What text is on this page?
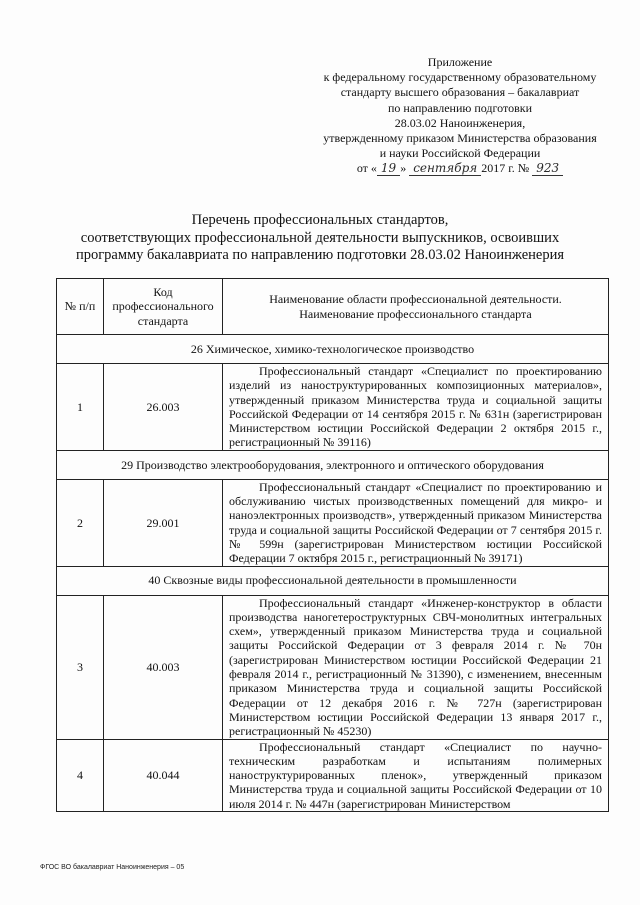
Приложение
к федеральному государственному образовательному
стандарту высшего образования – бакалавриат
по направлению подготовки
28.03.02 Наноинженерия,
утвержденному приказом Министерства образования
и науки Российской Федерации
от « 19 » сентября 2017 г. № 923
Перечень профессиональных стандартов,
соответствующих профессиональной деятельности выпускников, освоивших
программу бакалавриата по направлению подготовки 28.03.02 Наноинженерия
№ п/п	Код профессионального стандарта	Наименование области профессиональной деятельности.
Наименование профессионального стандарта
26 Химическое, химико-технологическое производство		
1	26.003	Профессиональный стандарт «Специалист по проектированию изделий из наноструктурированных композиционных материалов», утвержденный приказом Министерства труда и социальной защиты Российской Федерации от 14 сентября 2015 г. № 631н (зарегистрирован Министерством юстиции Российской Федерации 2 октября 2015 г., регистрационный № 39116)

29 Производство электрооборудования, электронного и оптического оборудования		
2	29.001	Профессиональный стандарт «Специалист по проектированию и обслуживанию чистых производственных помещений для микро- и наноэлектронных производств», утвержденный приказом Министерства труда и социальной защиты Российской Федерации от 7 сентября 2015 г. № 599н (зарегистрирован Министерством юстиции Российской Федерации 7 октября 2015 г., регистрационный № 39171)

40 Сквозные виды профессиональной деятельности в промышленности		
3	40.003	Профессиональный стандарт «Инженер-конструктор в области производства наногетероструктурных СВЧ-монолитных интегральных схем», утвержденный приказом Министерства труда и социальной защиты Российской Федерации от 3 февраля 2014 г. № 70н (зарегистрирован Министерством юстиции Российской Федерации 21 февраля 2014 г., регистрационный № 31390), с изменением, внесенным приказом Министерства труда и социальной защиты Российской Федерации от 12 декабря 2016 г. № 727н (зарегистрирован Министерством юстиции Российской Федерации 13 января 2017 г., регистрационный № 45230)

4	40.044	Профессиональный стандарт «Специалист по научно-техническим разработкам и испытаниям полимерных наноструктурированных пленок», утвержденный приказом Министерства труда и социальной защиты Российской Федерации от 10 июля 2014 г. № 447н (зарегистрирован Министерством
ФГОС ВО бакалавриат Наноинженерия – 05
